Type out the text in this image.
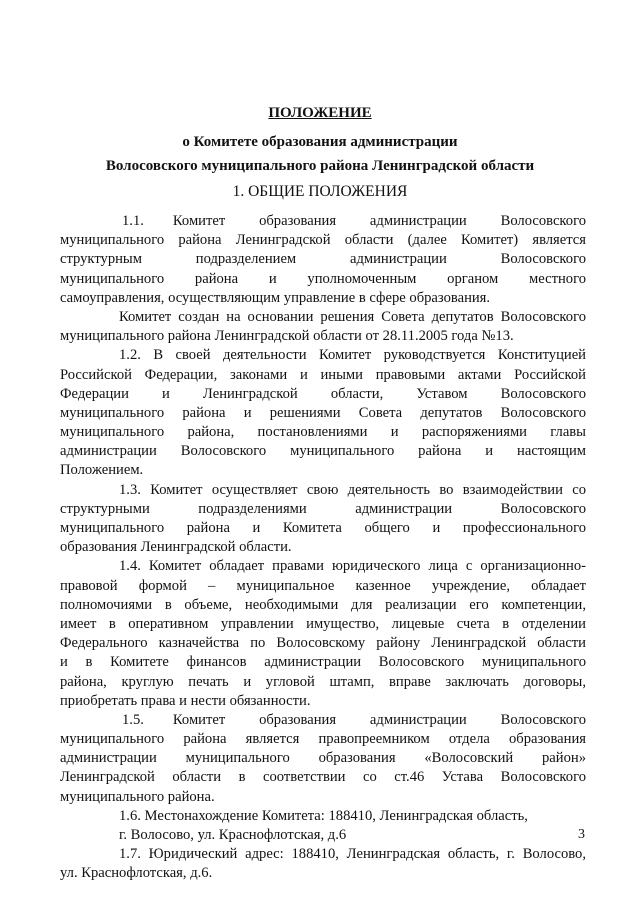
ПОЛОЖЕНИЕ
о Комитете образования администрации
Волосовского муниципального района Ленинградской области
1. ОБЩИЕ ПОЛОЖЕНИЯ
1.1.      Комитет       образования       администрации       Волосовского
муниципального района Ленинградской области (далее Комитет) является
структурным подразделением администрации Волосовского
муниципального района и уполномоченным органом местного
самоуправления, осуществляющим управление в сфере образования.
Комитет создан на основании решения Совета депутатов Волосовского
муниципального района Ленинградской области от 28.11.2005 года №13.
1.2. В своей деятельности Комитет руководствуется Конституцией
Российской Федерации, законами и иными правовыми актами Российской
Федерации и Ленинградской области, Уставом Волосовского
муниципального района и решениями Совета депутатов Волосовского
муниципального района, постановлениями и распоряжениями главы
администрации Волосовского муниципального района и настоящим
Положением.
1.3. Комитет осуществляет свою деятельность во взаимодействии со
структурными подразделениями администрации Волосовского
муниципального района и Комитета общего и профессионального
образования Ленинградской области.
1.4. Комитет обладает правами юридического лица с организационно-
правовой формой – муниципальное казенное учреждение, обладает
полномочиями в объеме, необходимыми для реализации его компетенции,
имеет в оперативном управлении имущество, лицевые счета в отделении
Федерального казначейства по Волосовскому району Ленинградской области
и в Комитете финансов администрации Волосовского муниципального
района, круглую печать и угловой штамп, вправе заключать договоры,
приобретать права и нести обязанности.
1.5.      Комитет       образования       администрации       Волосовского
муниципального района является правопреемником отдела образования
администрации муниципального образования «Волосовский район»
Ленинградской области в соответствии со ст.46 Устава Волосовского
муниципального района.
1.6. Местонахождение Комитета: 188410, Ленинградская область,
г. Волосово, ул. Краснофлотская, д.6
1.7. Юридический адрес: 188410, Ленинградская область, г. Волосово,
ул. Краснофлотская, д.6.
3
